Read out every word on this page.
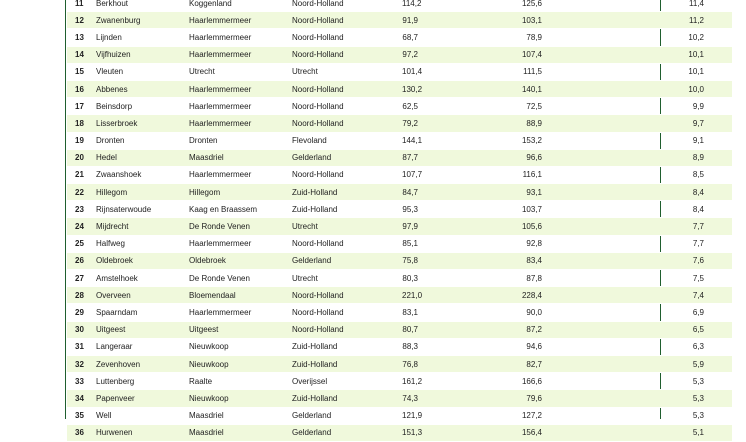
11	Berkhout	Koggenland	Noord-Holland	114,2	125,6	11,4
12	Zwanenburg	Haarlemmermeer	Noord-Holland	91,9	103,1	11,2
13	Lijnden	Haarlemmermeer	Noord-Holland	68,7	78,9	10,2
14	Vijfhuizen	Haarlemmermeer	Noord-Holland	97,2	107,4	10,1
15	Vleuten	Utrecht	Utrecht	101,4	111,5	10,1
16	Abbenes	Haarlemmermeer	Noord-Holland	130,2	140,1	10,0
17	Beinsdorp	Haarlemmermeer	Noord-Holland	62,5	72,5	9,9
18	Lisserbroek	Haarlemmermeer	Noord-Holland	79,2	88,9	9,7
19	Dronten	Dronten	Flevoland	144,1	153,2	9,1
20	Hedel	Maasdriel	Gelderland	87,7	96,6	8,9
21	Zwaanshoek	Haarlemmermeer	Noord-Holland	107,7	116,1	8,5
22	Hillegom	Hillegom	Zuid-Holland	84,7	93,1	8,4
23	Rijnsaterwoude	Kaag en Braassem	Zuid-Holland	95,3	103,7	8,4
24	Mijdrecht	De Ronde Venen	Utrecht	97,9	105,6	7,7
25	Halfweg	Haarlemmermeer	Noord-Holland	85,1	92,8	7,7
26	Oldebroek	Oldebroek	Gelderland	75,8	83,4	7,6
27	Amstelhoek	De Ronde Venen	Utrecht	80,3	87,8	7,5
28	Overveen	Bloemendaal	Noord-Holland	221,0	228,4	7,4
29	Spaarndam	Haarlemmermeer	Noord-Holland	83,1	90,0	6,9
30	Uitgeest	Uitgeest	Noord-Holland	80,7	87,2	6,5
31	Langeraar	Nieuwkoop	Zuid-Holland	88,3	94,6	6,3
32	Zevenhoven	Nieuwkoop	Zuid-Holland	76,8	82,7	5,9
33	Luttenberg	Raalte	Overijssel	161,2	166,6	5,3
34	Papenveer	Nieuwkoop	Zuid-Holland	74,3	79,6	5,3
35	Well	Maasdriel	Gelderland	121,9	127,2	5,3
36	Hurwenen	Maasdriel	Gelderland	151,3	156,4	5,1
